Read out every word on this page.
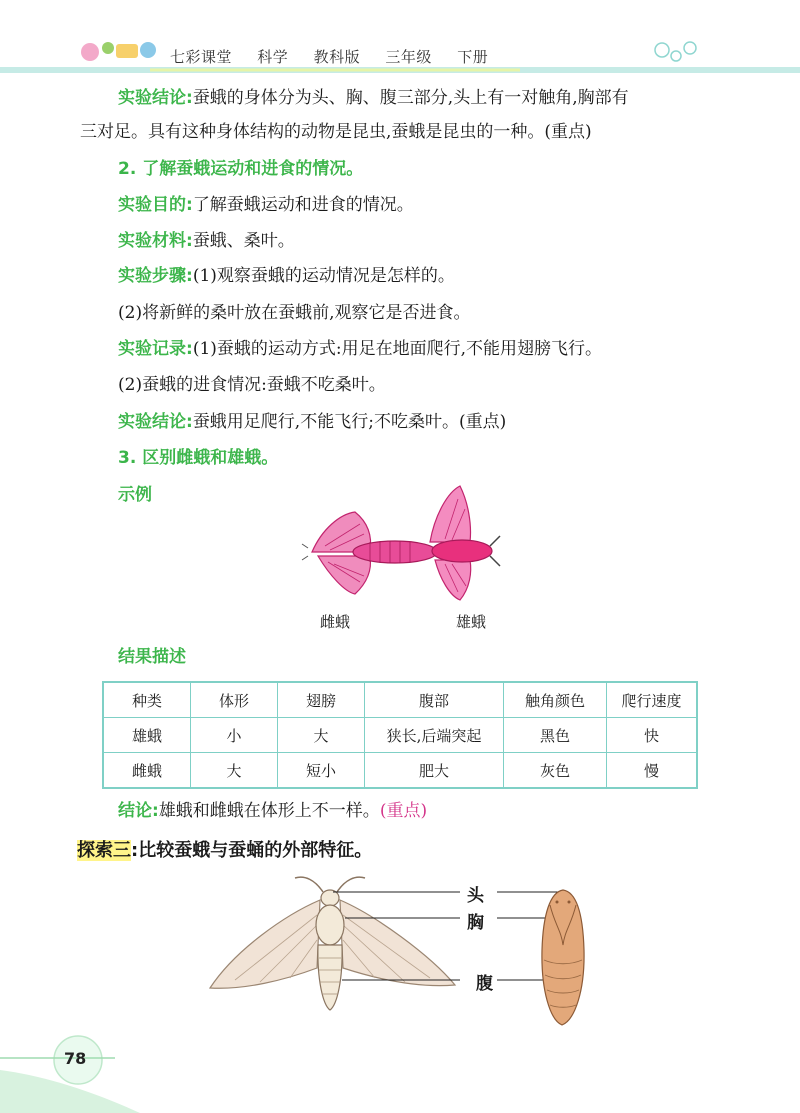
七彩课堂 科学 教科版 三年级 下册
实验结论:蚕蛾的身体分为头、胸、腹三部分,头上有一对触角,胸部有
三对足。具有这种身体结构的动物是昆虫,蚕蛾是昆虫的一种。(重点)
2. 了解蚕蛾运动和进食的情况。
实验目的:了解蚕蛾运动和进食的情况。
实验材料:蚕蛾、桑叶。
实验步骤:(1)观察蚕蛾的运动情况是怎样的。
(2)将新鲜的桑叶放在蚕蛾前,观察它是否进食。
实验记录:(1)蚕蛾的运动方式:用足在地面爬行,不能用翅膀飞行。
(2)蚕蛾的进食情况:蚕蛾不吃桑叶。
实验结论:蚕蛾用足爬行,不能飞行;不吃桑叶。(重点)
3. 区别雌蛾和雄蛾。
示例
雌蛾	雄蛾
结果描述
种类	体形	翅膀	腹部	触角颜色	爬行速度
雄蛾	小	大	狭长,后端突起	黑色	快
雌蛾	大	短小	肥大	灰色	慢
结论:雄蛾和雌蛾在体形上不一样。(重点)
探索三:比较蚕蛾与蚕蛹的外部特征。
头
胸
腹
78
